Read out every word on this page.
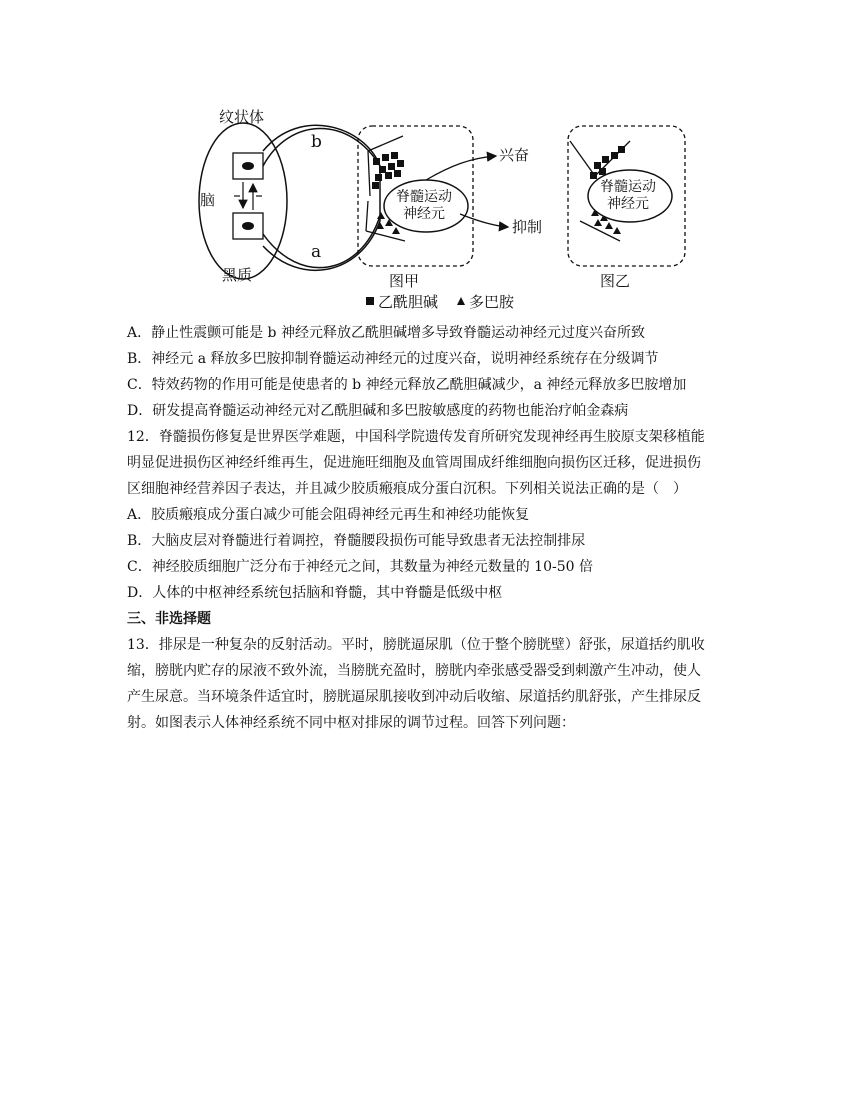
纹状体
脑
黑质
b
a
兴奋
抑制
脊髓运动
神经元
脊髓运动
神经元
图甲	图乙
乙酰胆碱 多巴胺
A．静止性震颤可能是 b 神经元释放乙酰胆碱增多导致脊髓运动神经元过度兴奋所致
B．神经元 a 释放多巴胺抑制脊髓运动神经元的过度兴奋，说明神经系统存在分级调节
C．特效药物的作用可能是使患者的 b 神经元释放乙酰胆碱减少，a 神经元释放多巴胺增加
D．研发提高脊髓运动神经元对乙酰胆碱和多巴胺敏感度的药物也能治疗帕金森病
12．脊髓损伤修复是世界医学难题，中国科学院遗传发育所研究发现神经再生胶原支架移植能
明显促进损伤区神经纤维再生，促进施旺细胞及血管周围成纤维细胞向损伤区迁移，促进损伤
区细胞神经营养因子表达，并且减少胶质瘢痕成分蛋白沉积。下列相关说法正确的是（　）
A．胶质瘢痕成分蛋白减少可能会阻碍神经元再生和神经功能恢复
B．大脑皮层对脊髓进行着调控，脊髓腰段损伤可能导致患者无法控制排尿
C．神经胶质细胞广泛分布于神经元之间，其数量为神经元数量的 10-50 倍
D．人体的中枢神经系统包括脑和脊髓，其中脊髓是低级中枢
三、非选择题
13．排尿是一种复杂的反射活动。平时，膀胱逼尿肌（位于整个膀胱壁）舒张，尿道括约肌收
缩，膀胱内贮存的尿液不致外流，当膀胱充盈时，膀胱内牵张感受器受到刺激产生冲动，使人
产生尿意。当环境条件适宜时，膀胱逼尿肌接收到冲动后收缩、尿道括约肌舒张，产生排尿反
射。如图表示人体神经系统不同中枢对排尿的调节过程。回答下列问题：
